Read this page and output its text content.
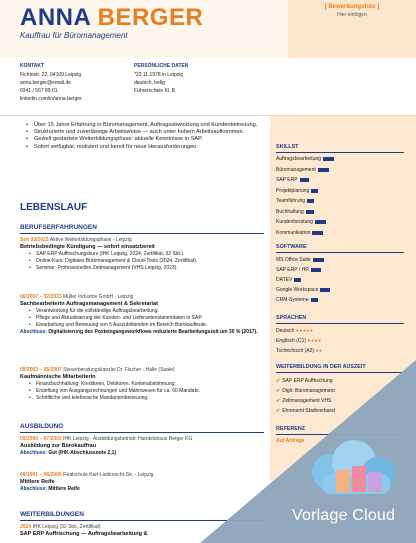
ANNA BERGER
Kauffrau für Büromanagement
[ Bewerbungsfoto ]
Hier einfügen
KONTAKT
Fichtestr. 22, 04109 Leipzig
anna.berger@email.de
0341 / 567 89 01
linkedin.com/in/anna-berger
PERSÖNLICHE DATEN
*22.11.1978 in Leipzig
deutsch, ledig
Führerschein Kl. B
• Über 15 Jahre Erfahrung in Büromanagement, Auftragsabwicklung und Kundenbetreuung.
• Strukturierte und zuverlässige Arbeitsweise — auch unter hohem Arbeitsaufkommen.
• Gezielt gestartete Weiterbildungsphase: aktuelle Kenntnisse in SAP.
• Sofort verfügbar, motiviert und bereit für neue Herausforderungen.
LEBENSLAUF
BERUFSERFAHRUNGEN
Seit 03/2023 Aktive Weiterbildungsphase - Leipzig
Betriebsbedingte Kündigung — sofort einsatzbereit
• SAP ERP Auffrischungskurs (IHK Leipzig, 2024, Zertifikat, 32 Std.).
• Online-Kurs: Digitales Büromanagement & Cloud-Tools (2024, Zertifikat).
• Seminar: Professionelles Zeitmanagement (VHS Leipzig, 2023).
06/2007 – 02/2023 Müller Industrie GmbH - Leipzig
Sachbearbeiterin Auftragsmanagement & Sekretariat
• Verantwortung für die vollständige Auftragsbearbeitung.
• Pflege und Aktualisierung der Kunden- und Lieferantenstammdaten in SAP.
• Einarbeitung und Betreuung von 5 Auszubildenden im Bereich Bürokaufleute.
Abschluss: Digitalisierung des Posteingangsworkflows reduzierte Bearbeitungszeit um 30 % (2017).
08/2003 – 05/2007 Steuerberatungskanzlei Dr. Fischer - Halle (Saale)
Kaufmännische Mitarbeiterin
• Finanzbuchhaltung: Kreditoren, Debitoren, Kontenabstimmung.
• Erstellung von Ausgangsrechnungen und Mahnwesen für ca. 60 Mandate.
• Schriftliche und telefonische Mandantenbetreuung.
AUSBILDUNG
09/2000 – 07/2003 IHK Leipzig · Ausbildungsbetrieb: Handelshaus Berger KG
Ausbildung zur Bürokauffrau
Abschluss: Gut (IHK-Abschlussnote 2,1)
09/1991 – 06/2000 Realschule Karl-Liebknecht-Str. - Leipzig
Mittlere Reife
Abschluss: Mittlere Reife
WEITERBILDUNGEN
2024 IHK Leipzig (32 Std., Zertifikat)
SAP ERP Auffrischung — Auftragsbearbeitung &
SKILLST
Auftragsbearbeitung
Büromanagement
SAP ERP
Projektplanung
Teamführung
Buchhaltung
Kundenberatung
Kommunikation
SOFTWARE
MS Office Suite
SAP ERP / HR
DATEV
Google Workspace
CRM-Systeme
SPRACHEN
Deutsch ●●●●●
Englisch (C1) ●●●●
Tschechisch (A2) ●●
WEITERBILDUNG IN DER AUSZEIT
✔ SAP ERP Auffrischung
✔ Digit. Büromanagement
✔ Zeitmanagement VHS
✔ Ehrenamt Stadtverband
REFERENZ
Auf Anfrage
Vorlage Cloud
